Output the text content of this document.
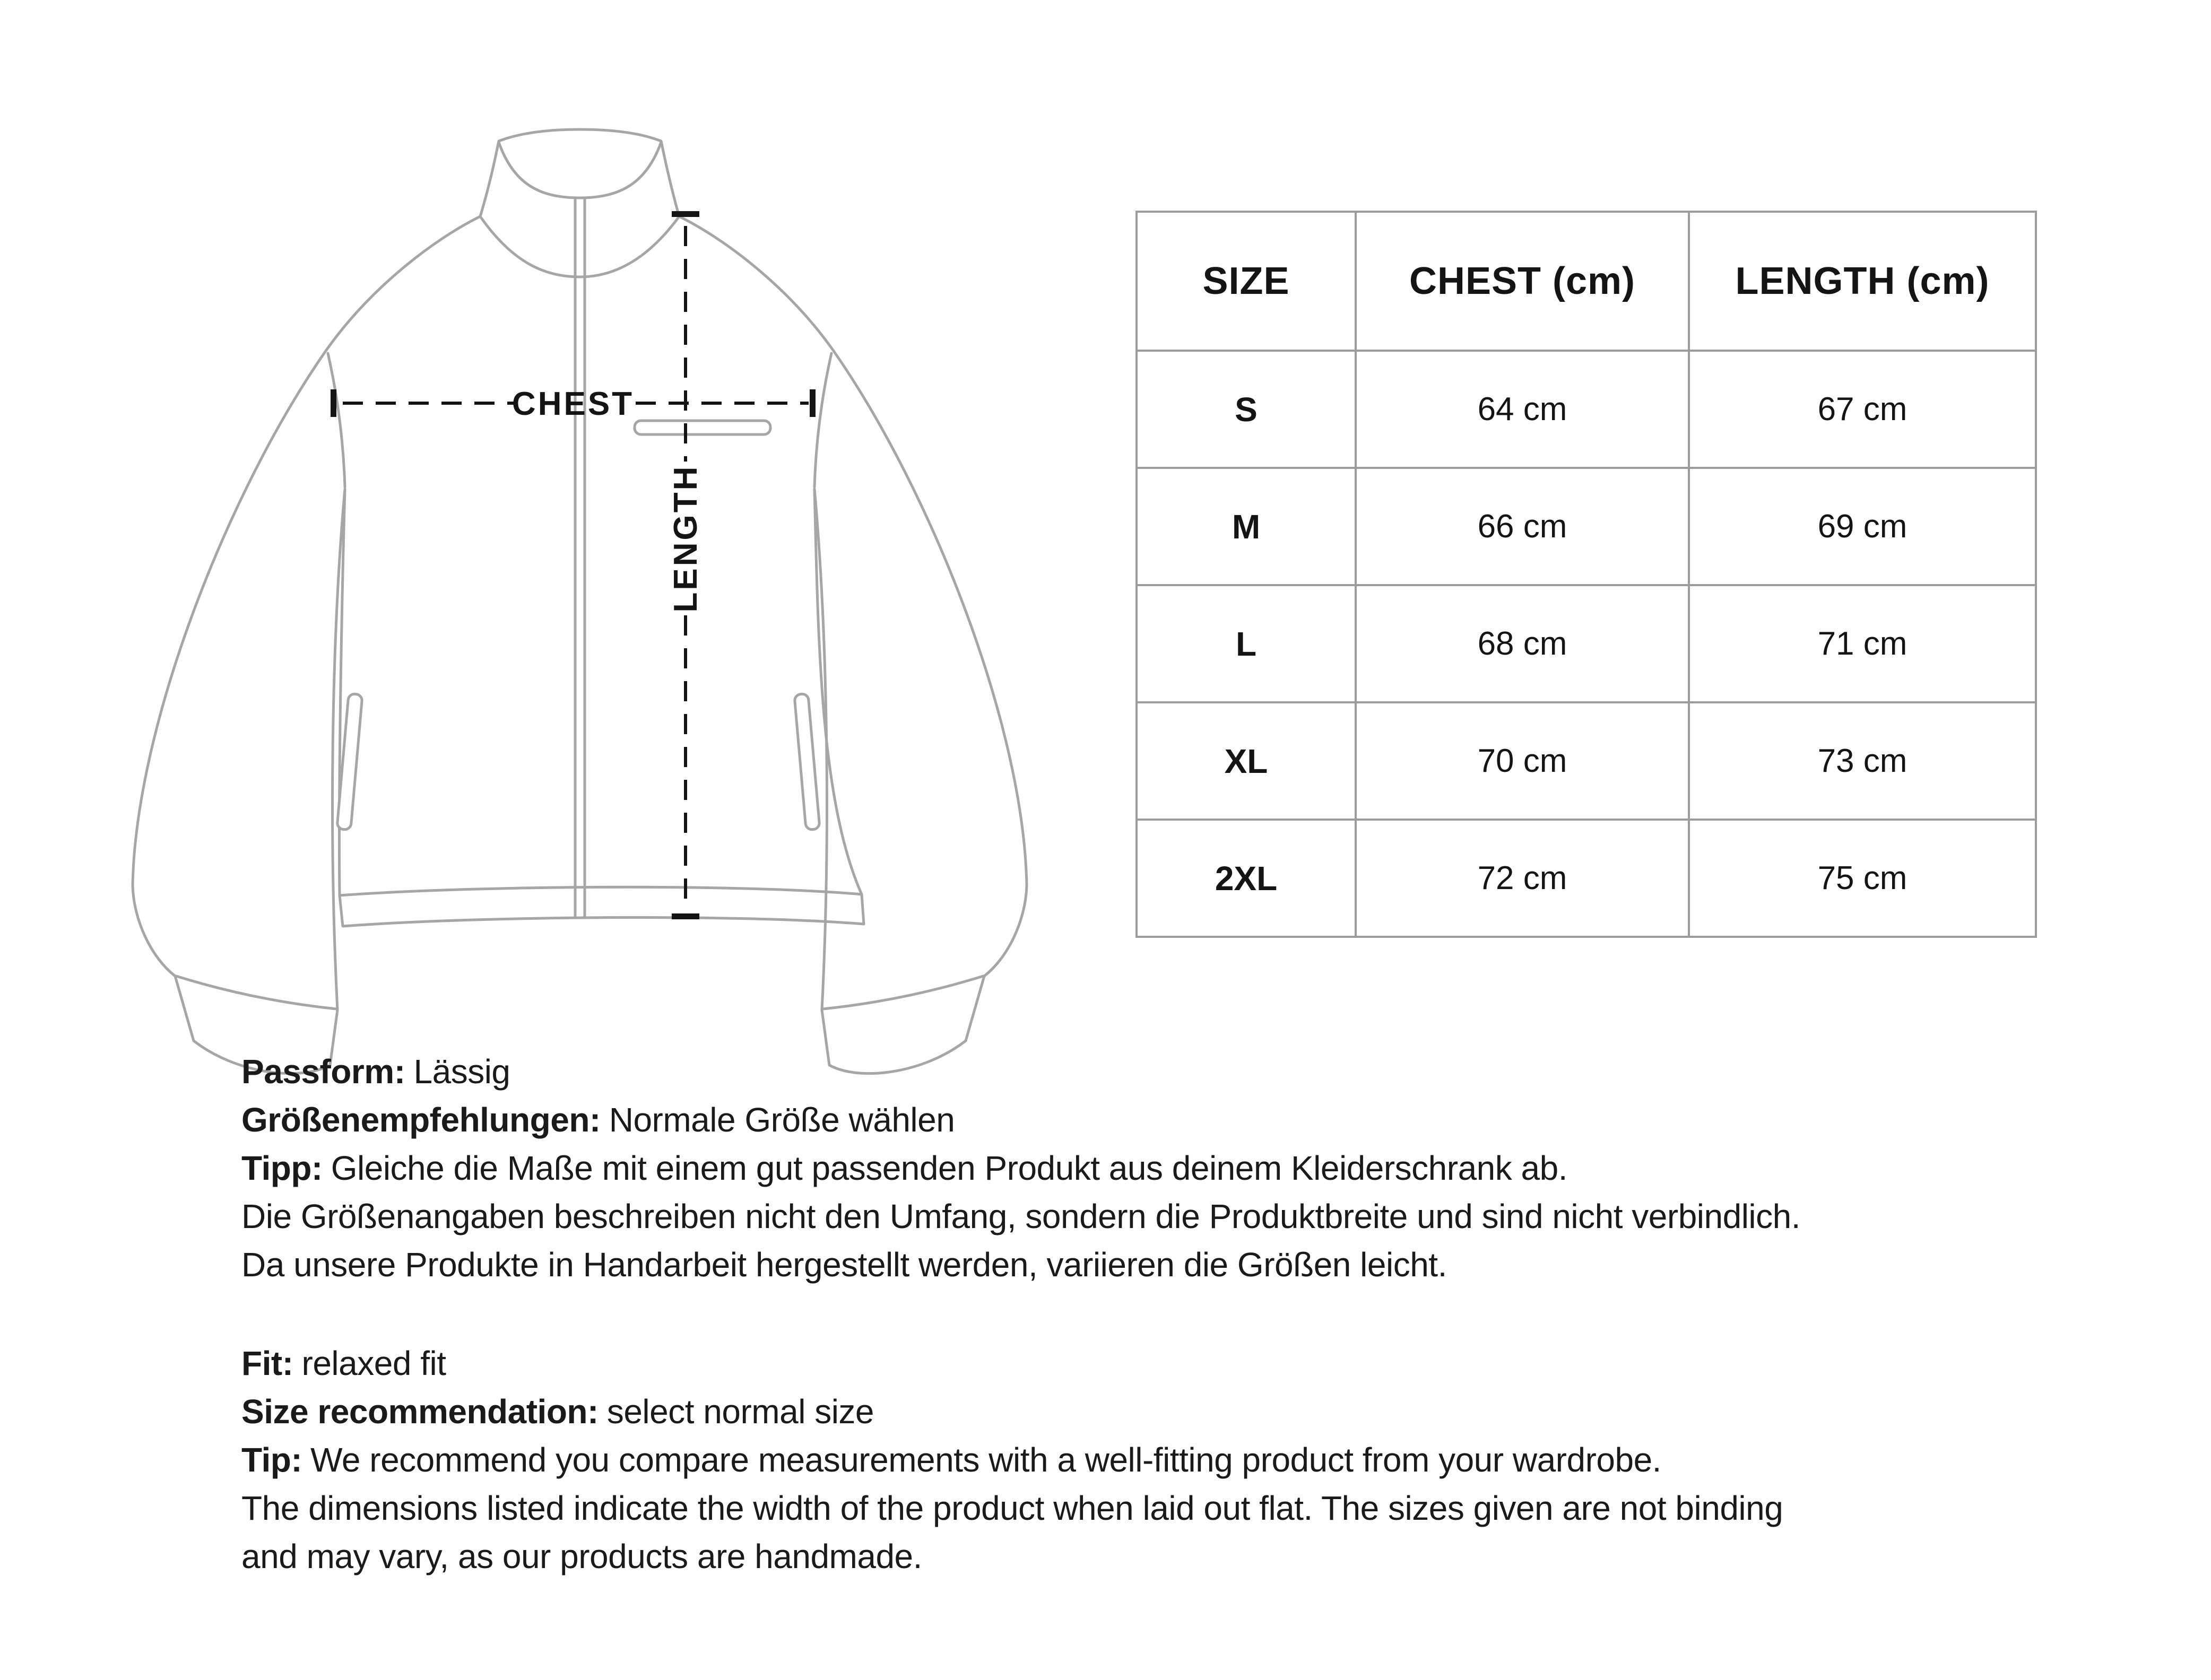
CHEST
LENGTH
SIZE	CHEST (cm)	LENGTH (cm)
S	64 cm	67 cm
M	66 cm	69 cm
L	68 cm	71 cm
XL	70 cm	73 cm
2XL	72 cm	75 cm
Passform: Lässig
Größenempfehlungen: Normale Größe wählen
Tipp: Gleiche die Maße mit einem gut passenden Produkt aus deinem Kleiderschrank ab.
Die Größenangaben beschreiben nicht den Umfang, sondern die Produktbreite und sind nicht verbindlich.
Da unsere Produkte in Handarbeit hergestellt werden, variieren die Größen leicht.
Fit: relaxed fit
Size recommendation: select normal size
Tip: We recommend you compare measurements with a well-fitting product from your wardrobe.
The dimensions listed indicate the width of the product when laid out flat. The sizes given are not binding
and may vary, as our products are handmade.
